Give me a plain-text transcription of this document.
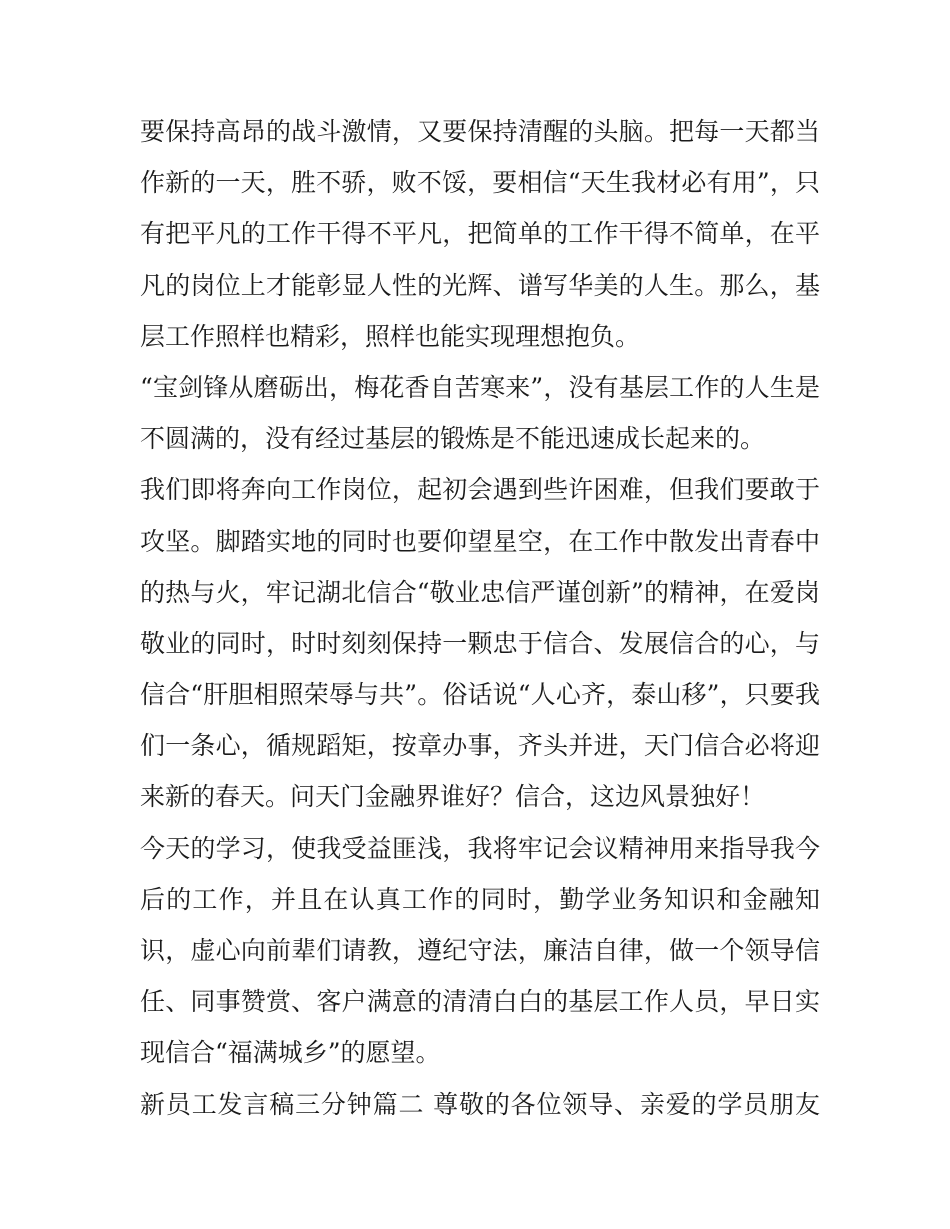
要保持高昂的战斗激情，又要保持清醒的头脑。把每一天都当
作新的一天，胜不骄，败不馁，要相信“天生我材必有用”，只
有把平凡的工作干得不平凡，把简单的工作干得不简单，在平
凡的岗位上才能彰显人性的光辉、谱写华美的人生。那么，基
层工作照样也精彩，照样也能实现理想抱负。
“宝剑锋从磨砺出，梅花香自苦寒来”，没有基层工作的人生是
不圆满的，没有经过基层的锻炼是不能迅速成长起来的。
我们即将奔向工作岗位，起初会遇到些许困难，但我们要敢于
攻坚。脚踏实地的同时也要仰望星空，在工作中散发出青春中
的热与火，牢记湖北信合“敬业忠信严谨创新”的精神，在爱岗
敬业的同时，时时刻刻保持一颗忠于信合、发展信合的心，与
信合“肝胆相照荣辱与共”。俗话说“人心齐，泰山移”，只要我
们一条心，循规蹈矩，按章办事，齐头并进，天门信合必将迎
来新的春天。问天门金融界谁好？信合，这边风景独好！
今天的学习，使我受益匪浅，我将牢记会议精神用来指导我今
后的工作，并且在认真工作的同时，勤学业务知识和金融知
识，虚心向前辈们请教，遵纪守法，廉洁自律，做一个领导信
任、同事赞赏、客户满意的清清白白的基层工作人员，早日实
现信合“福满城乡”的愿望。
新员工发言稿三分钟篇二 尊敬的各位领导、亲爱的学员朋友
